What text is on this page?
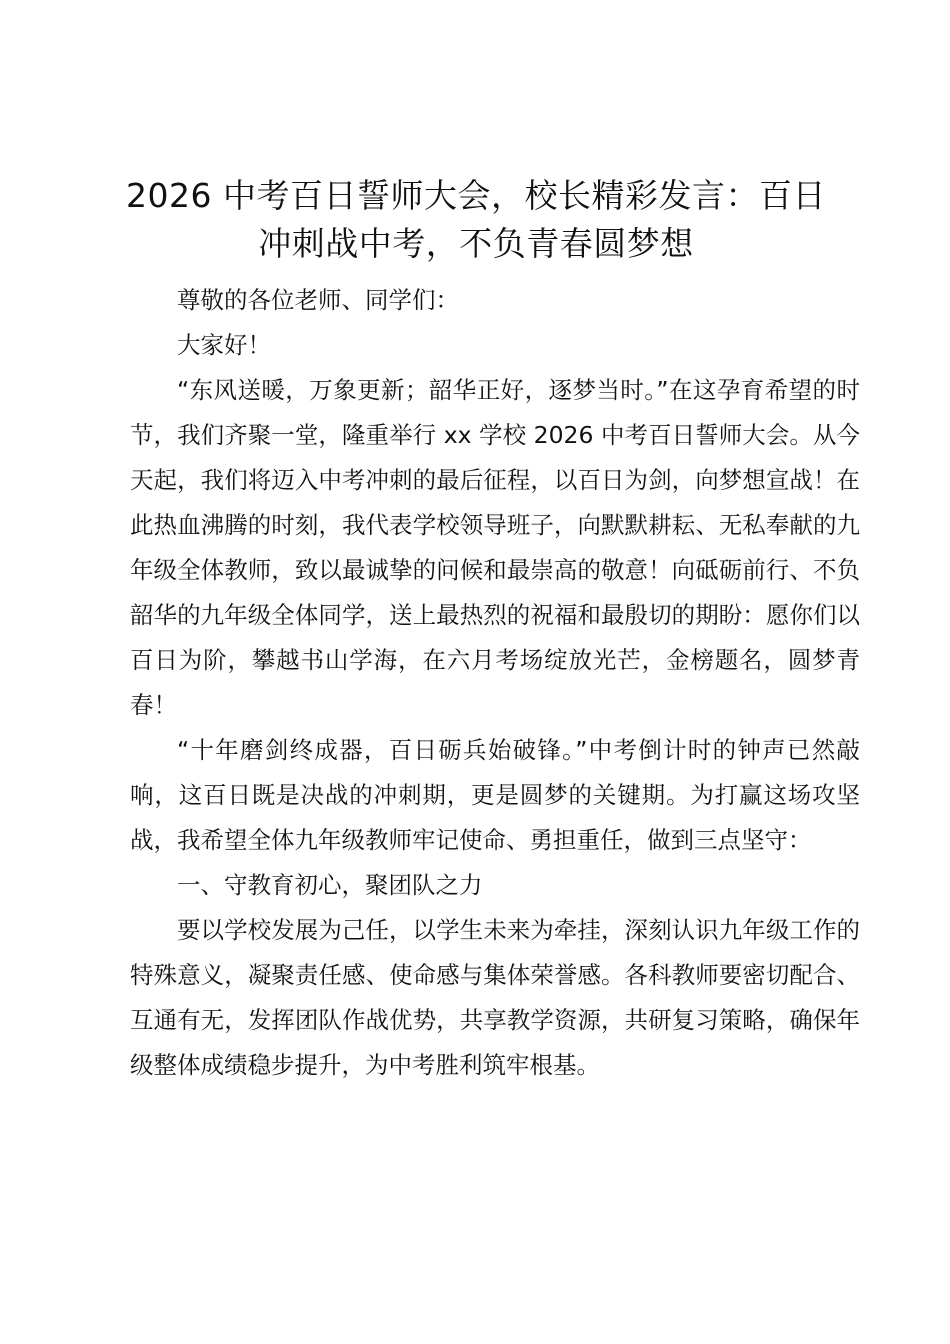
2026 中考百日誓师大会，校长精彩发言：百日冲刺战中考，不负青春圆梦想

尊敬的各位老师、同学们：

大家好！

“东风送暖，万象更新；韶华正好，逐梦当时。”在这孕育希望的时节，我们齐聚一堂，隆重举行 xx 学校 2026 中考百日誓师大会。从今天起，我们将迈入中考冲刺的最后征程，以百日为剑，向梦想宣战！在此热血沸腾的时刻，我代表学校领导班子，向默默耕耘、无私奉献的九年级全体教师，致以最诚挚的问候和最崇高的敬意！向砥砺前行、不负韶华的九年级全体同学，送上最热烈的祝福和最殷切的期盼：愿你们以百日为阶，攀越书山学海，在六月考场绽放光芒，金榜题名，圆梦青春！

“十年磨剑终成器，百日砺兵始破锋。”中考倒计时的钟声已然敲响，这百日既是决战的冲刺期，更是圆梦的关键期。为打赢这场攻坚战，我希望全体九年级教师牢记使命、勇担重任，做到三点坚守：

一、守教育初心，聚团队之力

要以学校发展为己任，以学生未来为牵挂，深刻认识九年级工作的特殊意义，凝聚责任感、使命感与集体荣誉感。各科教师要密切配合、互通有无，发挥团队作战优势，共享教学资源，共研复习策略，确保年级整体成绩稳步提升，为中考胜利筑牢根基。
